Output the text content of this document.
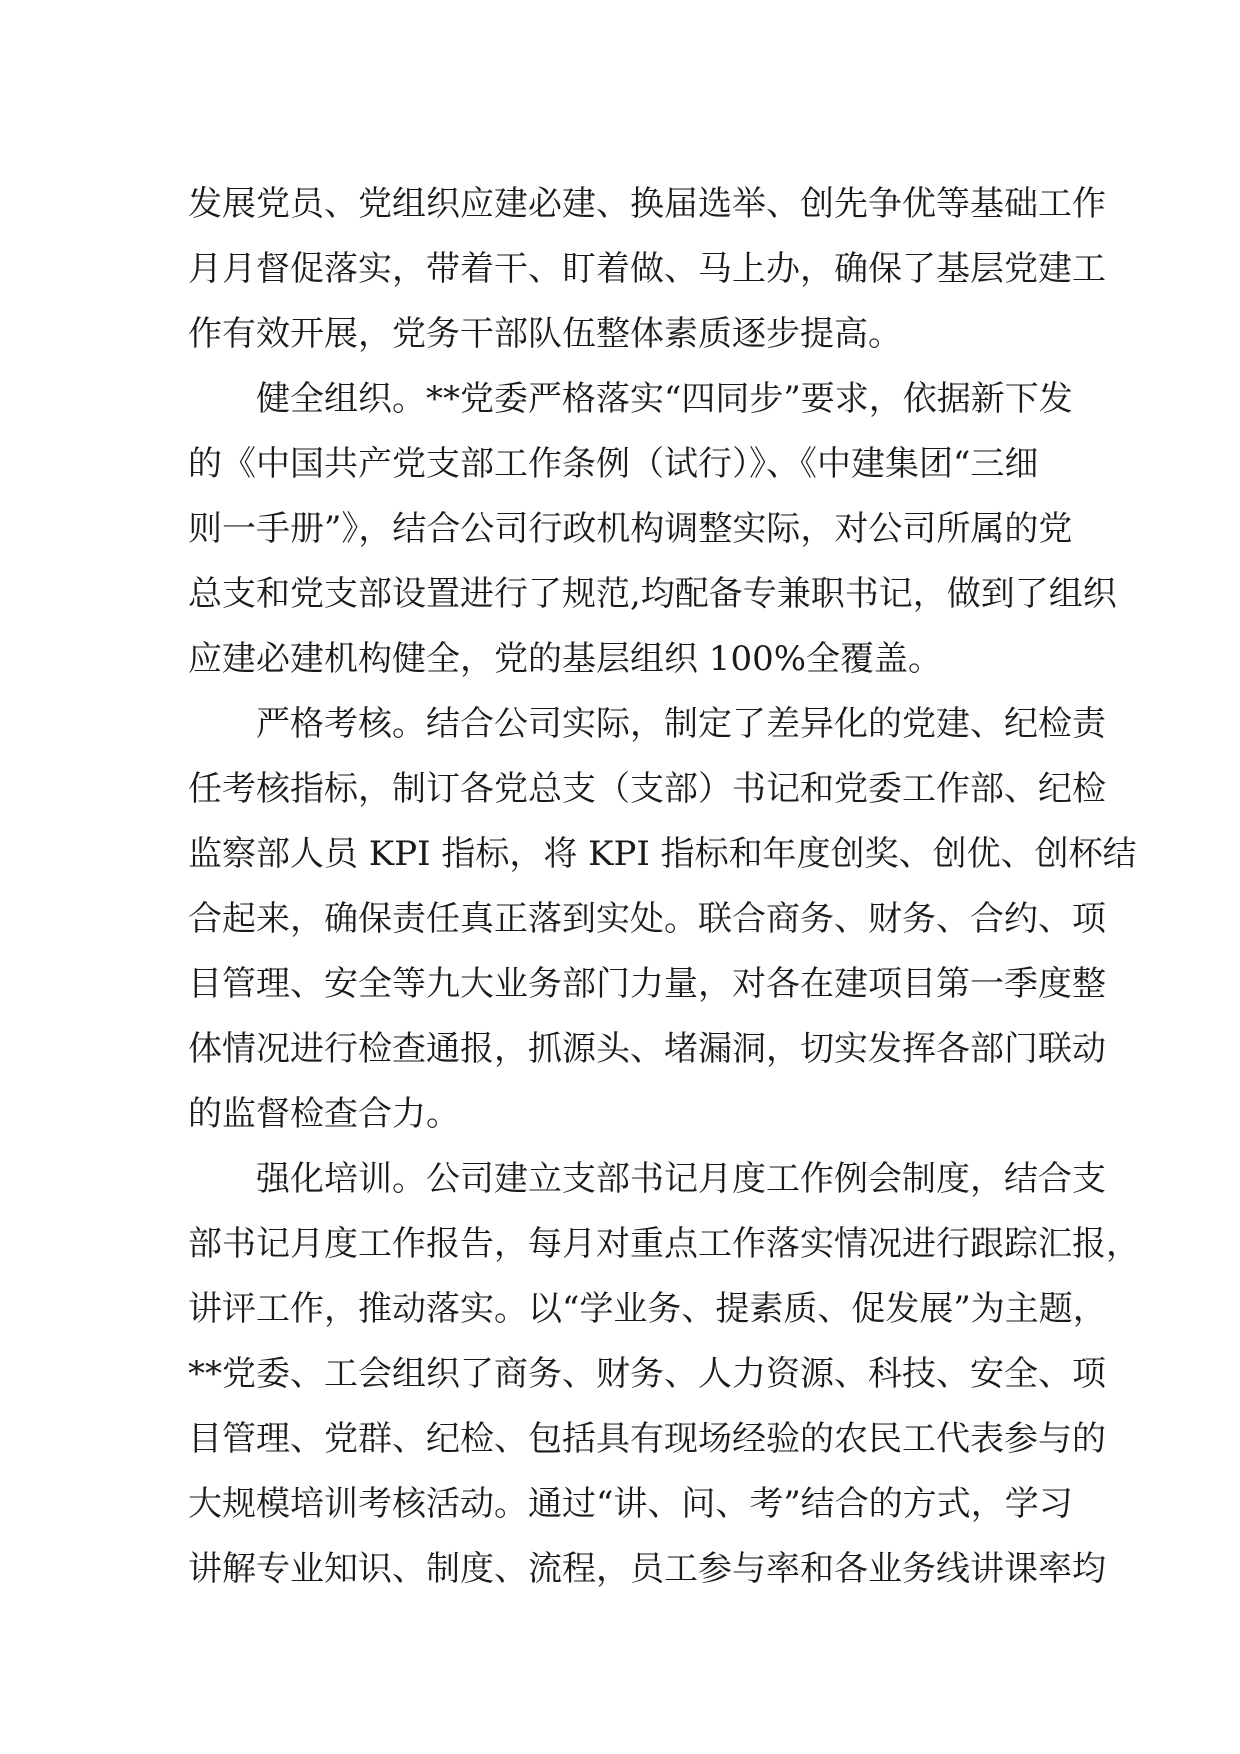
发展党员、党组织应建必建、换届选举、创先争优等基础工作
月月督促落实，带着干、盯着做、马上办，确保了基层党建工
作有效开展，党务干部队伍整体素质逐步提高。
健全组织。**党委严格落实“四同步”要求，依据新下发
的《中国共产党支部工作条例（试行）》、《中建集团“三细
则一手册”》，结合公司行政机构调整实际，对公司所属的党
总支和党支部设置进行了规范,均配备专兼职书记，做到了组织
应建必建机构健全，党的基层组织 100%全覆盖。
严格考核。结合公司实际，制定了差异化的党建、纪检责
任考核指标，制订各党总支（支部）书记和党委工作部、纪检
监察部人员 KPI 指标，将 KPI 指标和年度创奖、创优、创杯结
合起来，确保责任真正落到实处。联合商务、财务、合约、项
目管理、安全等九大业务部门力量，对各在建项目第一季度整
体情况进行检查通报，抓源头、堵漏洞，切实发挥各部门联动
的监督检查合力。
强化培训。公司建立支部书记月度工作例会制度，结合支
部书记月度工作报告，每月对重点工作落实情况进行跟踪汇报，
讲评工作，推动落实。以“学业务、提素质、促发展”为主题，
**党委、工会组织了商务、财务、人力资源、科技、安全、项
目管理、党群、纪检、包括具有现场经验的农民工代表参与的
大规模培训考核活动。通过“讲、问、考”结合的方式，学习
讲解专业知识、制度、流程，员工参与率和各业务线讲课率均
